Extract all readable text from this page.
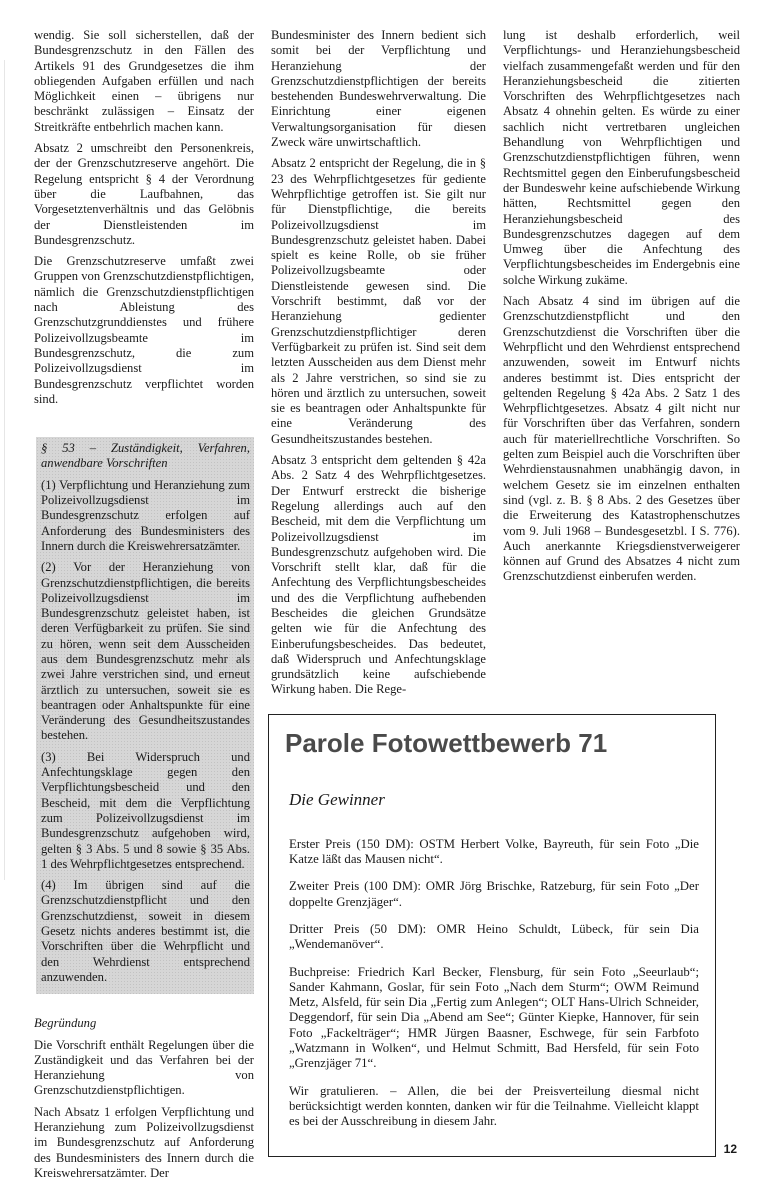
wendig. Sie soll sicherstellen, daß der Bundesgrenzschutz in den Fällen des Artikels 91 des Grundgesetzes die ihm obliegenden Aufgaben erfüllen und nach Möglichkeit einen – übrigens nur beschränkt zulässigen – Einsatz der Streitkräfte entbehrlich machen kann.

Absatz 2 umschreibt den Personenkreis, der der Grenzschutzreserve angehört. Die Regelung entspricht § 4 der Verordnung über die Laufbahnen, das Vorgesetztenverhältnis und das Gelöbnis der Dienstleistenden im Bundesgrenzschutz.

Die Grenzschutzreserve umfaßt zwei Gruppen von Grenzschutzdienstpflichtigen, nämlich die Grenzschutzdienstpflichtigen nach Ableistung des Grenzschutzgrunddienstes und frühere Polizeivollzugsbeamte im Bundesgrenzschutz, die zum Polizeivollzugsdienst im Bundesgrenzschutz verpflichtet worden sind.

§ 53 – Zuständigkeit, Verfahren, anwendbare Vorschriften

(1) Verpflichtung und Heranziehung zum Polizeivollzugsdienst im Bundesgrenzschutz erfolgen auf Anforderung des Bundesministers des Innern durch die Kreiswehrersatzämter.

(2) Vor der Heranziehung von Grenzschutzdienstpflichtigen, die bereits Polizeivollzugsdienst im Bundesgrenzschutz geleistet haben, ist deren Verfügbarkeit zu prüfen. Sie sind zu hören, wenn seit dem Ausscheiden aus dem Bundesgrenzschutz mehr als zwei Jahre verstrichen sind, und erneut ärztlich zu untersuchen, soweit sie es beantragen oder Anhaltspunkte für eine Veränderung des Gesundheitszustandes bestehen.

(3) Bei Widerspruch und Anfechtungsklage gegen den Verpflichtungsbescheid und den Bescheid, mit dem die Verpflichtung zum Polizeivollzugsdienst im Bundesgrenzschutz aufgehoben wird, gelten § 3 Abs. 5 und 8 sowie § 35 Abs. 1 des Wehrpflichtgesetzes entsprechend.

(4) Im übrigen sind auf die Grenzschutzdienstpflicht und den Grenzschutzdienst, soweit in diesem Gesetz nichts anderes bestimmt ist, die Vorschriften über die Wehrpflicht und den Wehrdienst entsprechend anzuwenden.

Begründung

Die Vorschrift enthält Regelungen über die Zuständigkeit und das Verfahren bei der Heranziehung von Grenzschutzdienstpflichtigen.

Nach Absatz 1 erfolgen Verpflichtung und Heranziehung zum Polizeivollzugsdienst im Bundesgrenzschutz auf Anforderung des Bundesministers des Innern durch die Kreiswehrersatzämter. Der

Bundesminister des Innern bedient sich somit bei der Verpflichtung und Heranziehung der Grenzschutzdienstpflichtigen der bereits bestehenden Bundeswehrverwaltung. Die Einrichtung einer eigenen Verwaltungsorganisation für diesen Zweck wäre unwirtschaftlich.

Absatz 2 entspricht der Regelung, die in § 23 des Wehrpflichtgesetzes für gediente Wehrpflichtige getroffen ist. Sie gilt nur für Dienstpflichtige, die bereits Polizeivollzugsdienst im Bundesgrenzschutz geleistet haben. Dabei spielt es keine Rolle, ob sie früher Polizeivollzugsbeamte oder Dienstleistende gewesen sind. Die Vorschrift bestimmt, daß vor der Heranziehung gedienter Grenzschutzdienstpflichtiger deren Verfügbarkeit zu prüfen ist. Sind seit dem letzten Ausscheiden aus dem Dienst mehr als 2 Jahre verstrichen, so sind sie zu hören und ärztlich zu untersuchen, soweit sie es beantragen oder Anhaltspunkte für eine Veränderung des Gesundheitszustandes bestehen.

Absatz 3 entspricht dem geltenden § 42a Abs. 2 Satz 4 des Wehrpflichtgesetzes. Der Entwurf erstreckt die bisherige Regelung allerdings auch auf den Bescheid, mit dem die Verpflichtung um Polizeivollzugsdienst im Bundesgrenzschutz aufgehoben wird. Die Vorschrift stellt klar, daß für die Anfechtung des Verpflichtungsbescheides und des die Verpflichtung aufhebenden Bescheides die gleichen Grundsätze gelten wie für die Anfechtung des Einberufungsbescheides. Das bedeutet, daß Widerspruch und Anfechtungsklage grundsätzlich keine aufschiebende Wirkung haben. Die Rege-

lung ist deshalb erforderlich, weil Verpflichtungs- und Heranziehungsbescheid vielfach zusammengefaßt werden und für den Heranziehungsbescheid die zitierten Vorschriften des Wehrpflichtgesetzes nach Absatz 4 ohnehin gelten. Es würde zu einer sachlich nicht vertretbaren ungleichen Behandlung von Wehrpflichtigen und Grenzschutzdienstpflichtigen führen, wenn Rechtsmittel gegen den Einberufungsbescheid der Bundeswehr keine aufschiebende Wirkung hätten, Rechtsmittel gegen den Heranziehungsbescheid des Bundesgrenzschutzes dagegen auf dem Umweg über die Anfechtung des Verpflichtungsbescheides im Endergebnis eine solche Wirkung zukäme.

Nach Absatz 4 sind im übrigen auf die Grenzschutzdienstpflicht und den Grenzschutzdienst die Vorschriften über die Wehrpflicht und den Wehrdienst entsprechend anzuwenden, soweit im Entwurf nichts anderes bestimmt ist. Dies entspricht der geltenden Regelung § 42a Abs. 2 Satz 1 des Wehrpflichtgesetzes. Absatz 4 gilt nicht nur für Vorschriften über das Verfahren, sondern auch für materiellrechtliche Vorschriften. So gelten zum Beispiel auch die Vorschriften über Wehrdienstausnahmen unabhängig davon, in welchem Gesetz sie im einzelnen enthalten sind (vgl. z. B. § 8 Abs. 2 des Gesetzes über die Erweiterung des Katastrophenschutzes vom 9. Juli 1968 – Bundesgesetzbl. I S. 776). Auch anerkannte Kriegsdienstverweigerer können auf Grund des Absatzes 4 nicht zum Grenzschutzdienst einberufen werden.

Parole Fotowettbewerb 71
Die Gewinner

Erster Preis (150 DM): OSTM Herbert Volke, Bayreuth, für sein Foto „Die Katze läßt das Mausen nicht“.

Zweiter Preis (100 DM): OMR Jörg Brischke, Ratzeburg, für sein Foto „Der doppelte Grenzjäger“.

Dritter Preis (50 DM): OMR Heino Schuldt, Lübeck, für sein Dia „Wendemanöver“.

Buchpreise: Friedrich Karl Becker, Flensburg, für sein Foto „Seeurlaub“; Sander Kahmann, Goslar, für sein Foto „Nach dem Sturm“; OWM Reimund Metz, Alsfeld, für sein Dia „Fertig zum Anlegen“; OLT Hans-Ulrich Schneider, Deggendorf, für sein Dia „Abend am See“; Günter Kiepke, Hannover, für sein Foto „Fackelträger“; HMR Jürgen Baasner, Eschwege, für sein Farbfoto „Watzmann in Wolken“, und Helmut Schmitt, Bad Hersfeld, für sein Foto „Grenzjäger 71“.

Wir gratulieren. – Allen, die bei der Preisverteilung diesmal nicht berücksichtigt werden konnten, danken wir für die Teilnahme. Vielleicht klappt es bei der Ausschreibung in diesem Jahr.

12
